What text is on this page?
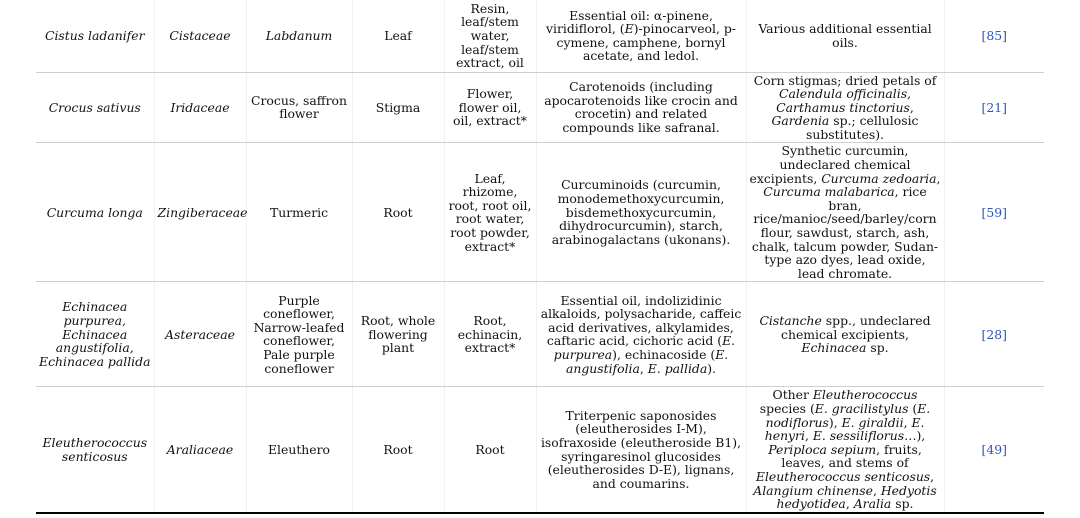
Cistus ladanifer	Cistaceae	Labdanum	Leaf	Resin, leaf/stem water, leaf/stem extract, oil	Essential oil: α-pinene, viridiflorol, (E)-pinocarveol, p-cymene, camphene, bornyl acetate, and ledol.	Various additional essential oils.	[85]
Crocus sativus	Iridaceae	Crocus, saffron flower	Stigma	Flower, flower oil, oil, extract*	Carotenoids (including apocarotenoids like crocin and crocetin) and related compounds like safranal.	Corn stigmas; dried petals of Calendula officinalis, Carthamus tinctorius, Gardenia sp.; cellulosic substitutes).	[21]
Curcuma longa	Zingiberaceae	Turmeric	Root	Leaf, rhizome, root, root oil, root water, root powder, extract*	Curcuminoids (curcumin, monodemethoxycurcumin, bisdemethoxycurcumin, dihydrocurcumin), starch, arabinogalactans (ukonans).	Synthetic curcumin, undeclared chemical excipients, Curcuma zedoaria, Curcuma malabarica, rice bran, rice/manioc/seed/barley/corn flour, sawdust, starch, ash, chalk, talcum powder, Sudan-type azo dyes, lead oxide, lead chromate.	[59]
Echinacea purpurea, Echinacea angustifolia, Echinacea pallida	Asteraceae	Purple coneflower, Narrow-leafed coneflower, Pale purple coneflower	Root, whole flowering plant	Root, echinacin, extract*	Essential oil, indolizidinic alkaloids, polysacharide, caffeic acid derivatives, alkylamides, caftaric acid, cichoric acid (E. purpurea), echinacoside (E. angustifolia, E. pallida).	Cistanche spp., undeclared chemical excipients, Echinacea sp.	[28]
Eleutherococcus senticosus	Araliaceae	Eleuthero	Root	Root	Triterpenic saponosides (eleutherosides I-M), isofraxoside (eleutheroside B1), syringaresinol glucosides (eleutherosides D-E), lignans, and coumarins.	Other Eleutherococcus species (E. gracilistylus (E. nodiflorus), E. giraldii, E. henyri, E. sessiliflorus…), Periploca sepium, fruits, leaves, and stems of Eleutherococcus senticosus, Alangium chinense, Hedyotis hedyotidea, Aralia sp.	[49]
